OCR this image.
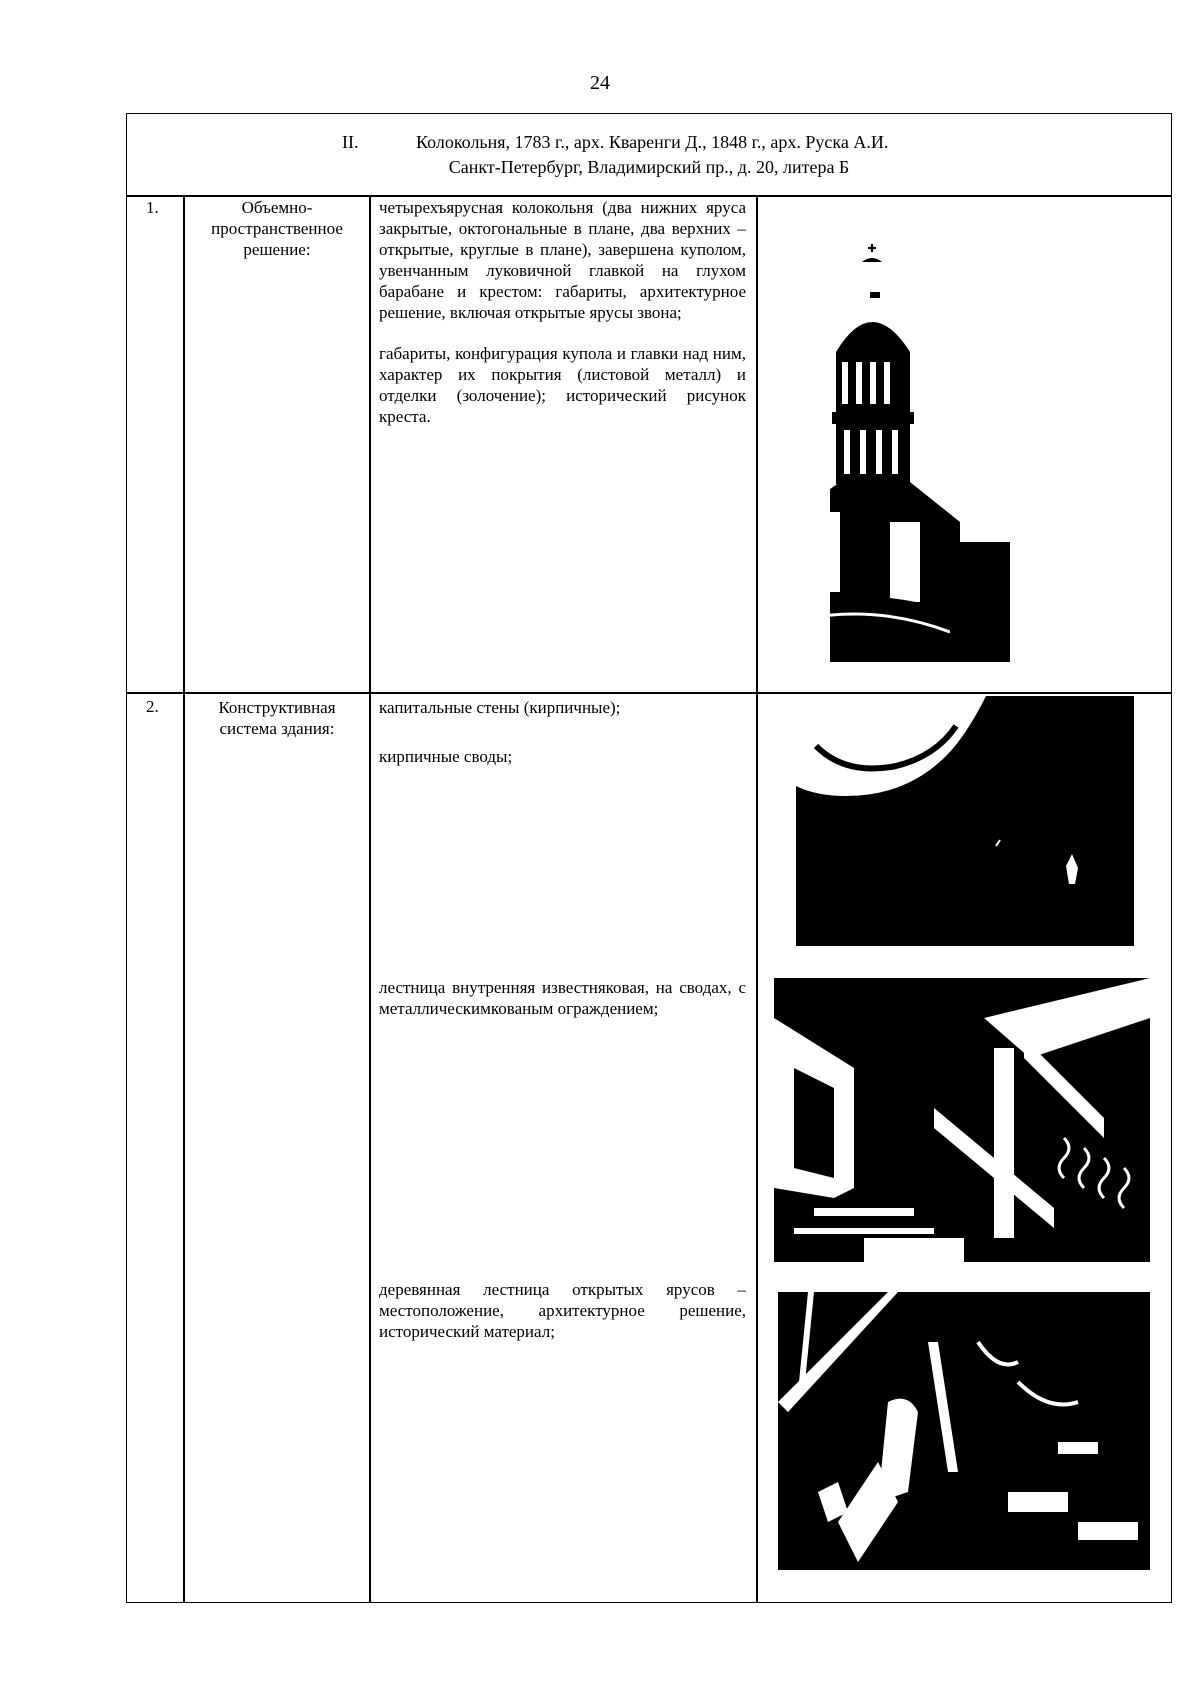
24
II.	Колокольня, 1783 г., арх. Кваренги Д., 1848 г., арх. Руска А.И.
Санкт-Петербург, Владимирский пр., д. 20, литера Б
1.	Объемно-пространственное решение:

четырехъярусная колокольня (два нижних яруса закрытые, октогональные в плане, два верхних – открытые, круглые в плане), завершена куполом, увенчанным луковичной главкой на глухом барабане и крестом: габариты, архитектурное решение, включая открытые ярусы звона;

габариты, конфигурация купола и главки над ним, характер их покрытия (листовой металл) и отделки (золочение); исторический рисунок креста.

2.	Конструктивная система здания:
капитальные стены (кирпичные);
кирпичные своды;
лестница внутренняя известняковая, на сводах, с металлическимкованым ограждением;
деревянная лестница открытых ярусов – местоположение, архитектурное решение, исторический материал;
